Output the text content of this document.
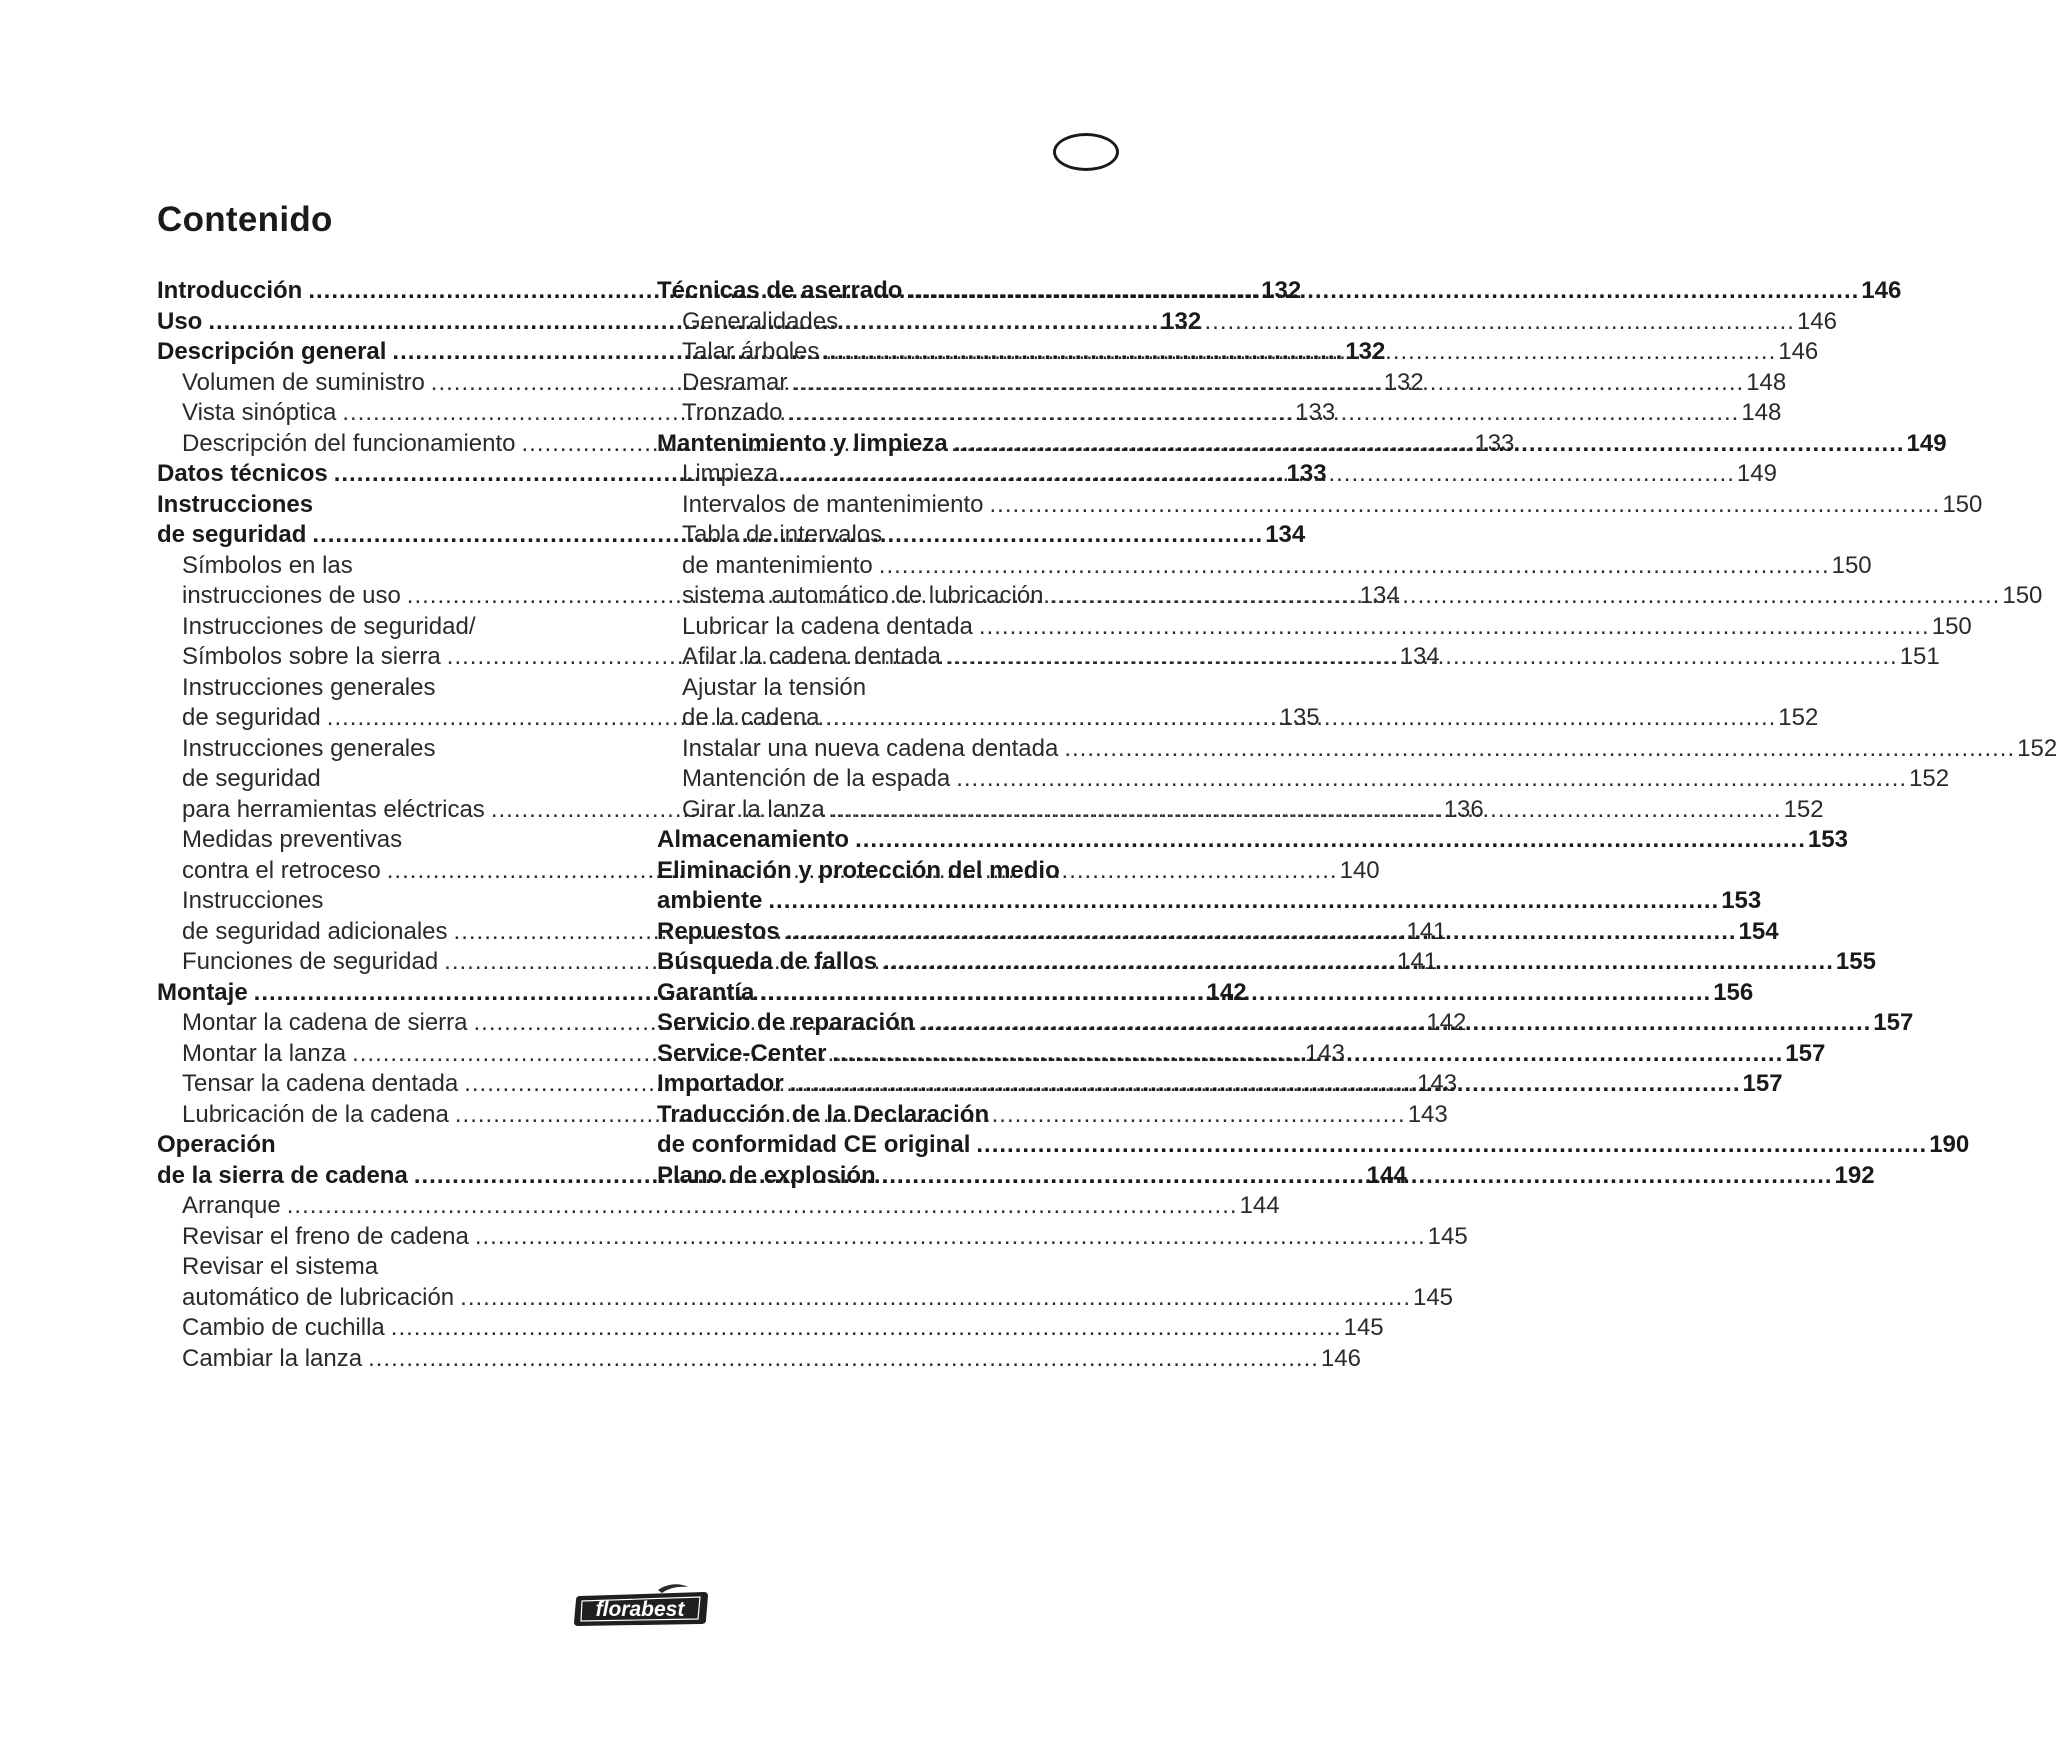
Contenido
Introducción .....	132
Uso .....	132
Descripción general .....	132
Volumen de suministro .....	132
Vista sinóptica .....	133
Descripción del funcionamiento .....	133
Datos técnicos .....	133
Instrucciones
de seguridad .....	134
Símbolos en las
instrucciones de uso .....	134
Instrucciones de seguridad/
Símbolos sobre la sierra .....	134
Instrucciones generales
de seguridad .....	135
Instrucciones generales
de seguridad
para herramientas eléctricas .....	136
Medidas preventivas
contra el retroceso .....	140
Instrucciones
de seguridad adicionales .....	141
Funciones de seguridad .....	141
Montaje .....	142
Montar la cadena de sierra .....	142
Montar la lanza .....	143
Tensar la cadena dentada .....	143
Lubricación de la cadena .....	143
Operación
de la sierra de cadena .....	144
Arranque .....	144
Revisar el freno de cadena .....	145
Revisar el sistema
automático de lubricación .....	145
Cambio de cuchilla .....	145
Cambiar la lanza .....	146
Técnicas de aserrado .....	146
Generalidades .....	146
Talar árboles .....	146
Desramar .....	148
Tronzado .....	148
Mantenimiento y limpieza .....	149
Limpieza .....	149
Intervalos de mantenimiento .....	150
Tabla de intervalos
de mantenimiento .....	150
sistema automático de lubricación .....	150
Lubricar la cadena dentada .....	150
Afilar la cadena dentada .....	151
Ajustar la tensión
de la cadena .....	152
Instalar una nueva cadena dentada .....	152
Mantención de la espada .....	152
Girar la lanza .....	152
Almacenamiento .....	153
Eliminación y protección del medio
ambiente .....	153
Repuestos .....	154
Búsqueda de fallos .....	155
Garantía .....	156
Servicio de reparación .....	157
Service-Center .....	157
Importador .....	157
Traducción de la Declaración
de conformidad CE original .....	190
Plano de explosión .....	192
florabest
